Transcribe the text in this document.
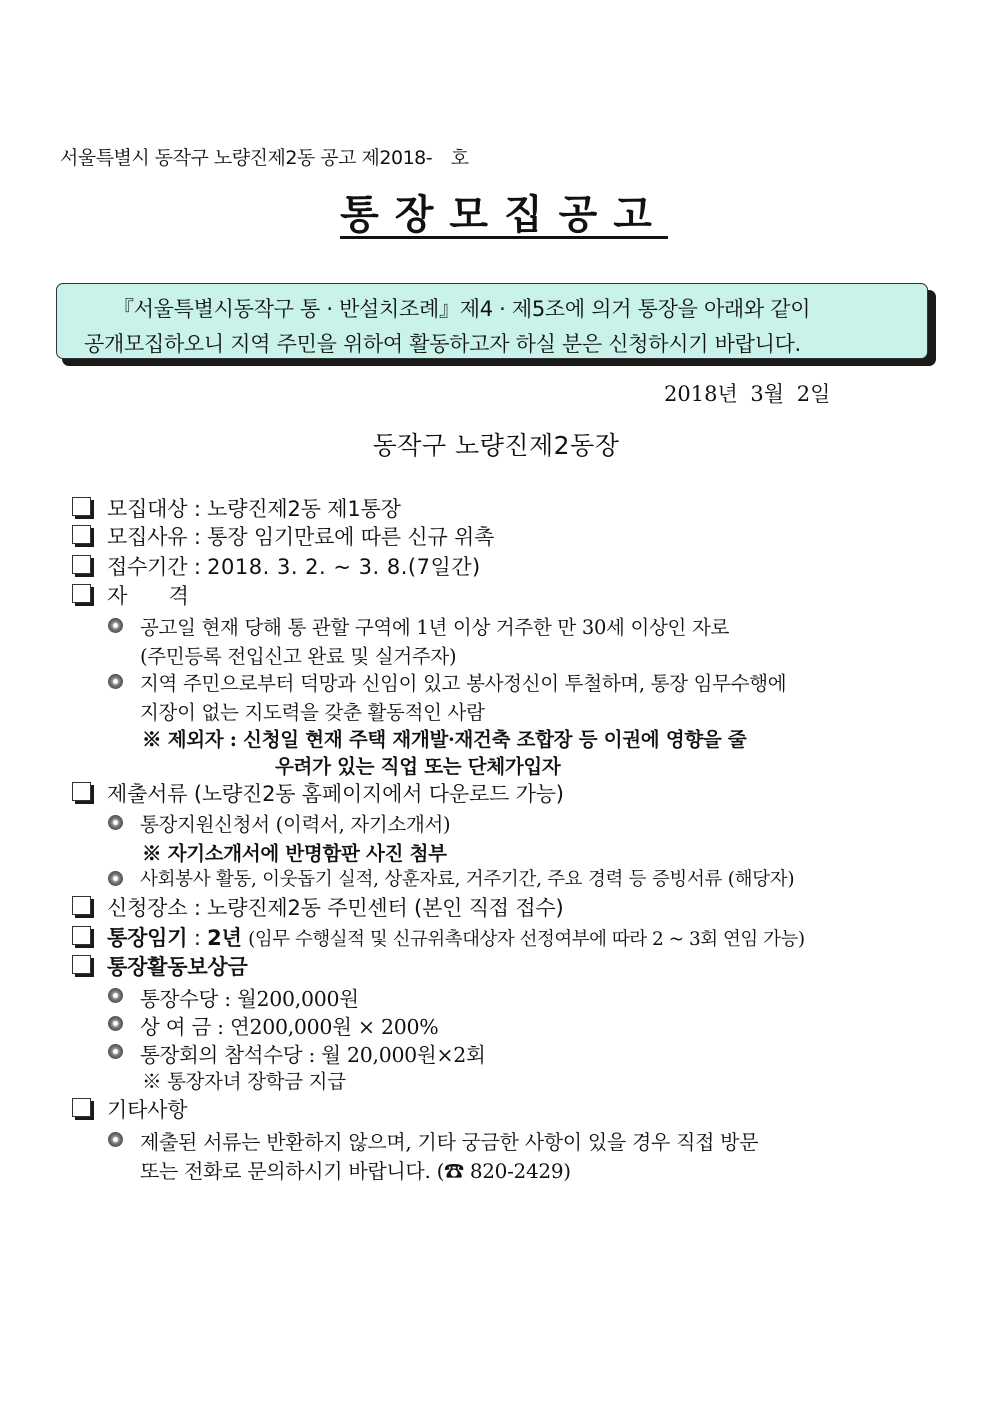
서울특별시 동작구 노량진제2동 공고 제2018-　호
통장모집공고
『서울특별시동작구 통 · 반설치조례』제4 · 제5조에 의거 통장을 아래와 같이
공개모집하오니 지역 주민을 위하여 활동하고자 하실 분은 신청하시기 바랍니다.
2018년 3월 2일
동작구 노량진제2동장
모집대상 : 노량진제2동 제1통장
모집사유 : 통장 임기만료에 따른 신규 위촉
접수기간 : 2018. 3. 2. ~ 3. 8.(7일간)
자　　격
공고일 현재 당해 통 관할 구역에 1년 이상 거주한 만 30세 이상인 자로
(주민등록 전입신고 완료 및 실거주자)
지역 주민으로부터 덕망과 신임이 있고 봉사정신이 투철하며, 통장 임무수행에
지장이 없는 지도력을 갖춘 활동적인 사람
※ 제외자 : 신청일 현재 주택 재개발·재건축 조합장 등 이권에 영향을 줄
우려가 있는 직업 또는 단체가입자
제출서류 (노량진2동 홈페이지에서 다운로드 가능)
통장지원신청서 (이력서, 자기소개서)
※ 자기소개서에 반명함판 사진 첨부
사회봉사 활동, 이웃돕기 실적, 상훈자료, 거주기간, 주요 경력 등 증빙서류 (해당자)
신청장소 : 노량진제2동 주민센터 (본인 직접 접수)
통장임기 : 2년 (임무 수행실적 및 신규위촉대상자 선정여부에 따라 2 ~ 3회 연임 가능)
통장활동보상금
통장수당 : 월200,000원
상 여 금 : 연200,000원 × 200%
통장회의 참석수당 : 월 20,000원×2회
※ 통장자녀 장학금 지급
기타사항
제출된 서류는 반환하지 않으며, 기타 궁금한 사항이 있을 경우 직접 방문
또는 전화로 문의하시기 바랍니다. (☎ 820-2429)
